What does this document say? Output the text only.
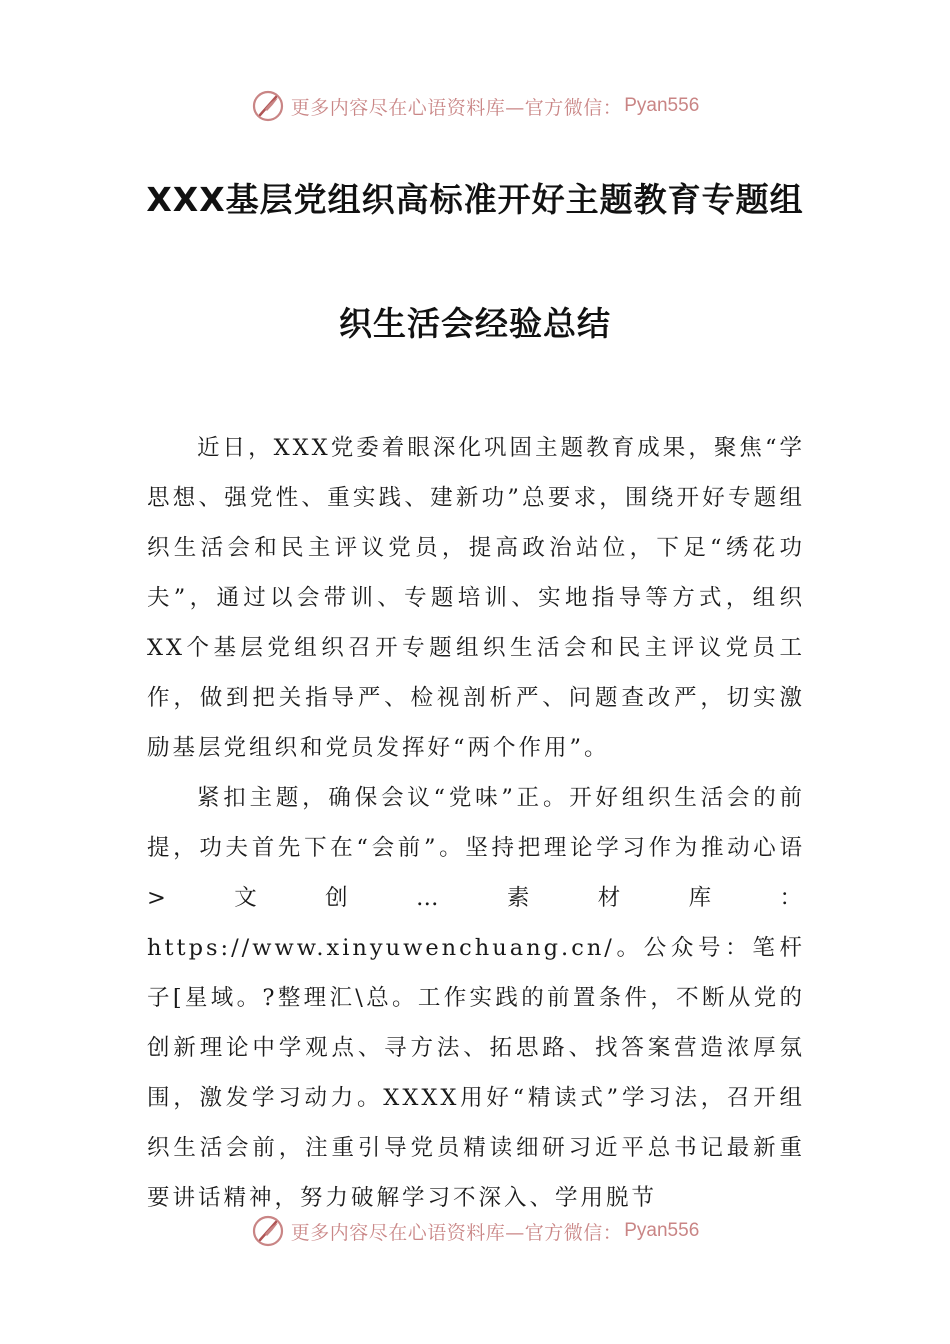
更多内容尽在心语资料库—官方微信： Pyan556
XXX基层党组织高标准开好主题教育专题组
织生活会经验总结

近日，XXX党委着眼深化巩固主题教育成果，聚焦“学思想、强党性、重实践、建新功”总要求，围绕开好专题组织生活会和民主评议党员，提高政治站位，下足“绣花功夫”，通过以会带训、专题培训、实地指导等方式，组织XX个基层党组织召开专题组织生活会和民主评议党员工作，做到把关指导严、检视剖析严、问题查改严，切实激励基层党组织和党员发挥好“两个作用”。

紧扣主题，确保会议“党味”正。开好组织生活会的前提，功夫首先下在“会前”。坚持把理论学习作为推动心语>文创…素材库：https://www.xinyuwenchuang.cn/。公众号：笔杆子[星域。?整理汇\总。工作实践的前置条件，不断从党的创新理论中学观点、寻方法、拓思路、找答案营造浓厚氛围，激发学习动力。XXXX用好“精读式”学习法，召开组织生活会前，注重引导党员精读细研习近平总书记最新重要讲话精神，努力破解学习不深入、学用脱节

更多内容尽在心语资料库—官方微信： Pyan556
